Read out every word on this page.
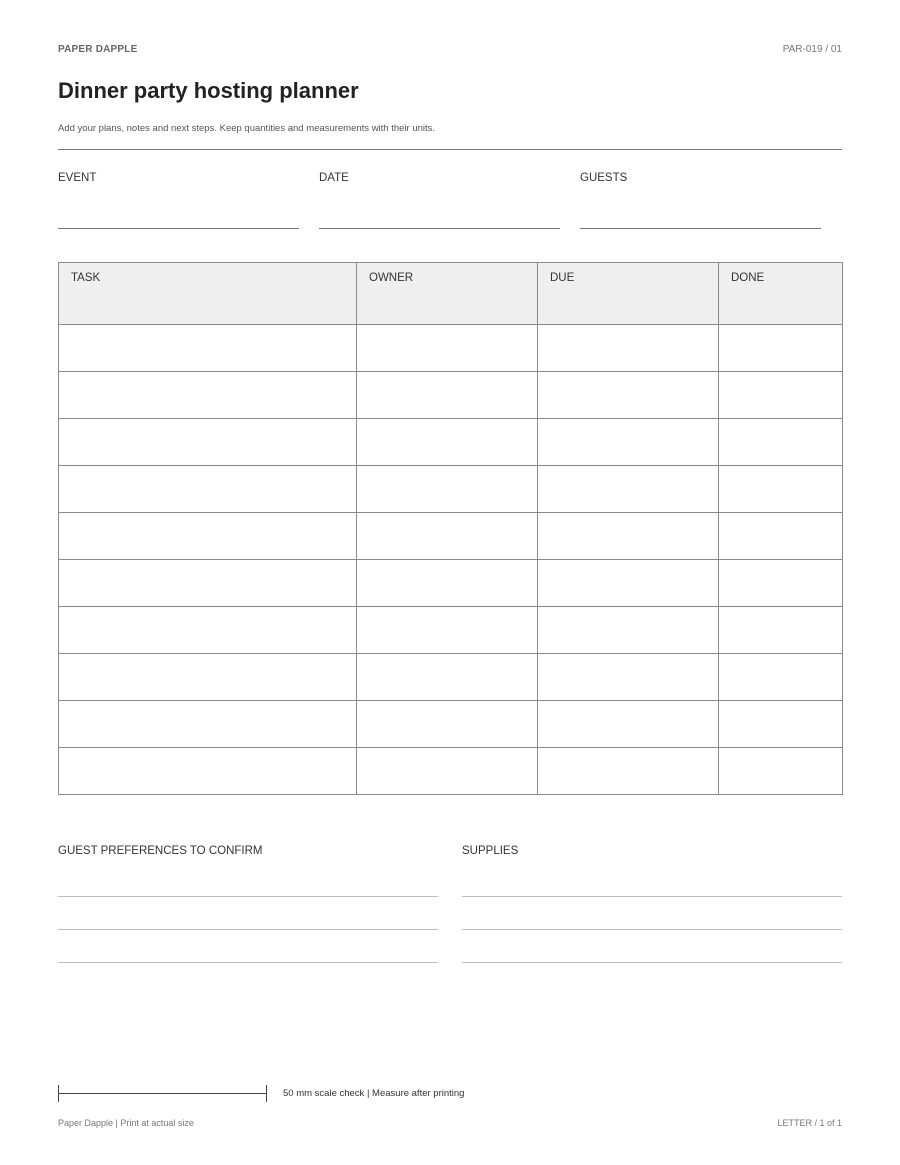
PAPER DAPPLE	PAR-019 / 01
Dinner party hosting planner
Add your plans, notes and next steps. Keep quantities and measurements with their units.
EVENT	DATE	GUESTS
TASK	OWNER	DUE	DONE

GUEST PREFERENCES TO CONFIRM	SUPPLIES
50 mm scale check | Measure after printing
Paper Dapple | Print at actual size	LETTER / 1 of 1
